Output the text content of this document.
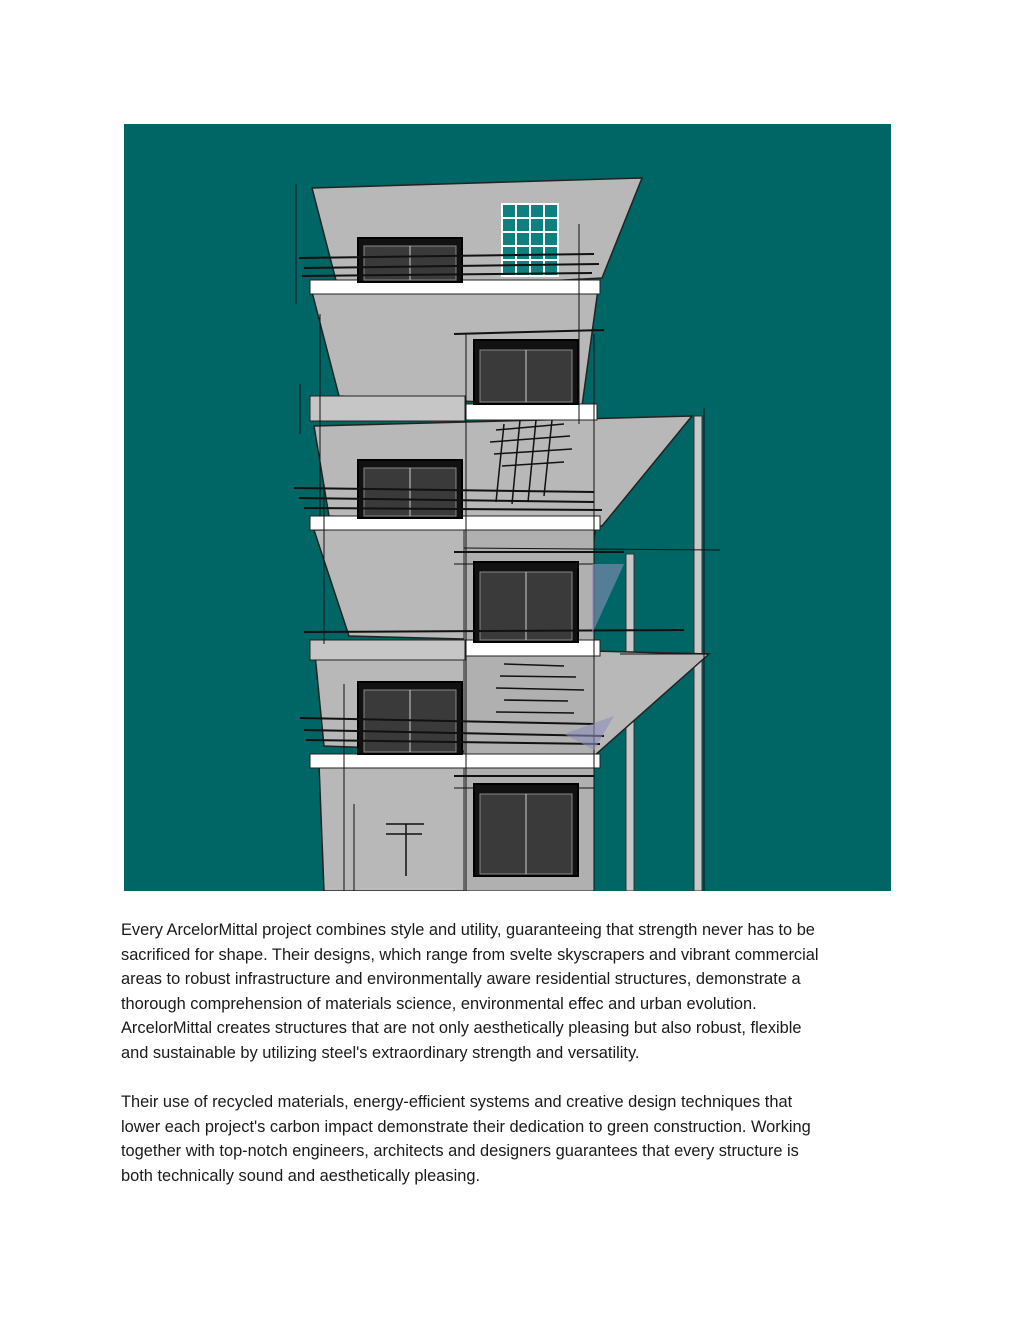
Every ArcelorMittal project combines style and utility, guaranteeing that strength never has to be
sacrificed for shape. Their designs, which range from svelte skyscrapers and vibrant commercial
areas to robust infrastructure and environmentally aware residential structures, demonstrate a
thorough comprehension of materials science, environmental effec and urban evolution.
ArcelorMittal creates structures that are not only aesthetically pleasing but also robust, flexible
and sustainable by utilizing steel's extraordinary strength and versatility.

Their use of recycled materials, energy-efficient systems and creative design techniques that
lower each project's carbon impact demonstrate their dedication to green construction. Working
together with top-notch engineers, architects and designers guarantees that every structure is
both technically sound and aesthetically pleasing.
